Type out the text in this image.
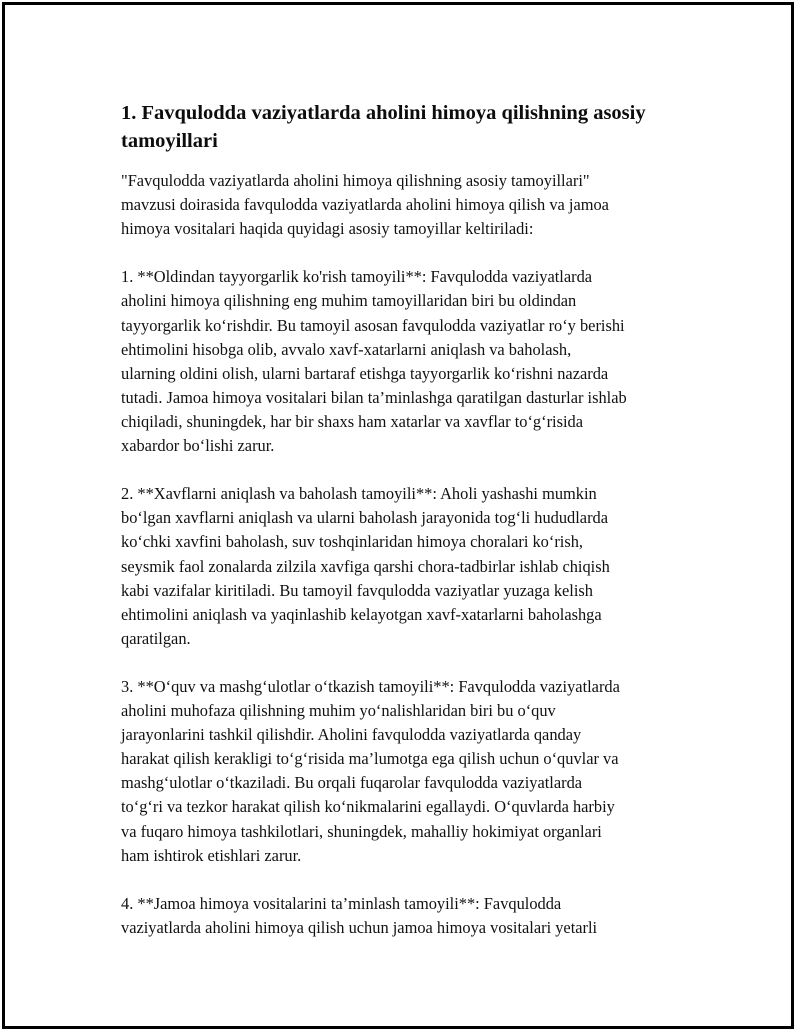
1. Favqulodda vaziyatlarda aholini himoya qilishning asosiy
tamoyillari

"Favqulodda vaziyatlarda aholini himoya qilishning asosiy tamoyillari"
mavzusi doirasida favqulodda vaziyatlarda aholini himoya qilish va jamoa
himoya vositalari haqida quyidagi asosiy tamoyillar keltiriladi:

1. **Oldindan tayyorgarlik ko'rish tamoyili**: Favqulodda vaziyatlarda
aholini himoya qilishning eng muhim tamoyillaridan biri bu oldindan
tayyorgarlik ko‘rishdir. Bu tamoyil asosan favqulodda vaziyatlar ro‘y berishi
ehtimolini hisobga olib, avvalo xavf-xatarlarni aniqlash va baholash,
ularning oldini olish, ularni bartaraf etishga tayyorgarlik ko‘rishni nazarda
tutadi. Jamoa himoya vositalari bilan ta’minlashga qaratilgan dasturlar ishlab
chiqiladi, shuningdek, har bir shaxs ham xatarlar va xavflar to‘g‘risida
xabardor bo‘lishi zarur.

2. **Xavflarni aniqlash va baholash tamoyili**: Aholi yashashi mumkin
bo‘lgan xavflarni aniqlash va ularni baholash jarayonida tog‘li hududlarda
ko‘chki xavfini baholash, suv toshqinlaridan himoya choralari ko‘rish,
seysmik faol zonalarda zilzila xavfiga qarshi chora-tadbirlar ishlab chiqish
kabi vazifalar kiritiladi. Bu tamoyil favqulodda vaziyatlar yuzaga kelish
ehtimolini aniqlash va yaqinlashib kelayotgan xavf-xatarlarni baholashga
qaratilgan.

3. **O‘quv va mashg‘ulotlar o‘tkazish tamoyili**: Favqulodda vaziyatlarda
aholini muhofaza qilishning muhim yo‘nalishlaridan biri bu o‘quv
jarayonlarini tashkil qilishdir. Aholini favqulodda vaziyatlarda qanday
harakat qilish kerakligi to‘g‘risida ma’lumotga ega qilish uchun o‘quvlar va
mashg‘ulotlar o‘tkaziladi. Bu orqali fuqarolar favqulodda vaziyatlarda
to‘g‘ri va tezkor harakat qilish ko‘nikmalarini egallaydi. O‘quvlarda harbiy
va fuqaro himoya tashkilotlari, shuningdek, mahalliy hokimiyat organlari
ham ishtirok etishlari zarur.

4. **Jamoa himoya vositalarini ta’minlash tamoyili**: Favqulodda
vaziyatlarda aholini himoya qilish uchun jamoa himoya vositalari yetarli
